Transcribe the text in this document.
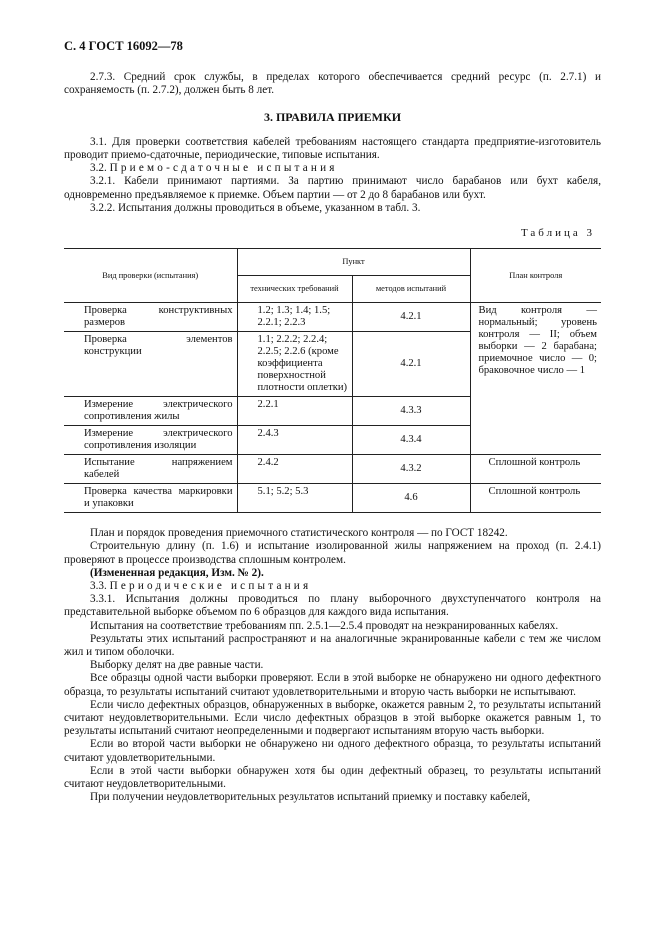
С. 4 ГОСТ 16092—78

2.7.3. Средний срок службы, в пределах которого обеспечивается средний ресурс (п. 2.7.1) и сохраняемость (п. 2.7.2), должен быть 8 лет.

3. ПРАВИЛА ПРИЕМКИ

3.1. Для проверки соответствия кабелей требованиям настоящего стандарта предприятие-изготовитель проводит приемо-сдаточные, периодические, типовые испытания.

3.2. Приемо-сдаточные испытания

3.2.1. Кабели принимают партиями. За партию принимают число барабанов или бухт кабеля, одновременно предъявляемое к приемке. Объем партии — от 2 до 8 барабанов или бухт.

3.2.2. Испытания должны проводиться в объеме, указанном в табл. 3.

Таблица 3
Вид проверки (испытания)	Пункт		План контроля
	технических требований	методов испытаний	
Проверка конструктивных размеров	1.2; 1.3; 1.4; 1.5; 2.2.1; 2.2.3	4.2.1	Вид контроля — нормальный; уровень контроля — II; объем выборки — 2 барабана; приемочное число — 0; браковочное число — 1
Проверка элементов конструкции	1.1; 2.2.2; 2.2.4; 2.2.5; 2.2.6 (кроме коэффициента поверхностной плотности оплетки)	4.2.1	
Измерение электрического сопротивления жилы	2.2.1	4.3.3	
Измерение электрического сопротивления изоляции	2.4.3	4.3.4	
Испытание напряжением кабелей	2.4.2	4.3.2	Сплошной контроль
Проверка качества маркировки и упаковки	5.1; 5.2; 5.3	4.6	Сплошной контроль

План и порядок проведения приемочного статистического контроля — по ГОСТ 18242.

Строительную длину (п. 1.6) и испытание изолированной жилы напряжением на проход (п. 2.4.1) проверяют в процессе производства сплошным контролем.

(Измененная редакция, Изм. № 2).

3.3. Периодические испытания

3.3.1. Испытания должны проводиться по плану выборочного двухступенчатого контроля на представительной выборке объемом по 6 образцов для каждого вида испытания.

Испытания на соответствие требованиям пп. 2.5.1—2.5.4 проводят на неэкранированных кабелях.

Результаты этих испытаний распространяют и на аналогичные экранированные кабели с тем же числом жил и типом оболочки.

Выборку делят на две равные части.

Все образцы одной части выборки проверяют. Если в этой выборке не обнаружено ни одного дефектного образца, то результаты испытаний считают удовлетворительными и вторую часть выборки не испытывают.

Если число дефектных образцов, обнаруженных в выборке, окажется равным 2, то результаты испытаний считают неудовлетворительными. Если число дефектных образцов в этой выборке окажется равным 1, то результаты испытаний считают неопределенными и подвергают испытаниям вторую часть выборки.

Если во второй части выборки не обнаружено ни одного дефектного образца, то результаты испытаний считают удовлетворительными.

Если в этой части выборки обнаружен хотя бы один дефектный образец, то результаты испытаний считают неудовлетворительными.

При получении неудовлетворительных результатов испытаний приемку и поставку кабелей,
